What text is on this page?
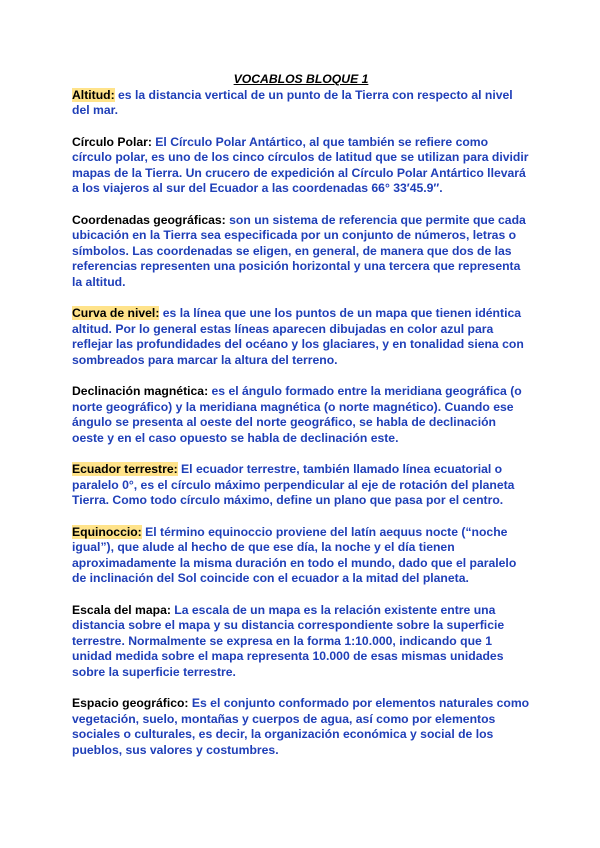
VOCABLOS BLOQUE 1

Altitud: es la distancia vertical de un punto de la Tierra con respecto al nivel del mar.

Círculo Polar: El Círculo Polar Antártico, al que también se refiere como círculo polar, es uno de los cinco círculos de latitud que se utilizan para dividir mapas de la Tierra. Un crucero de expedición al Círculo Polar Antártico llevará a los viajeros al sur del Ecuador a las coordenadas 66° 33′45.9″.

Coordenadas geográficas: son un sistema de referencia que permite que cada ubicación en la Tierra sea especificada por un conjunto de números, letras o símbolos. Las coordenadas se eligen, en general, de manera que dos de las referencias representen una posición horizontal y una tercera que representa la altitud.

Curva de nivel: es la línea que une los puntos de un mapa que tienen idéntica altitud. Por lo general estas líneas aparecen dibujadas en color azul para reflejar las profundidades del océano y los glaciares, y en tonalidad siena con sombreados para marcar la altura del terreno.

Declinación magnética: es el ángulo formado entre la meridiana geográfica (o norte geográfico) y la meridiana magnética (o norte magnético). Cuando ese ángulo se presenta al oeste del norte geográfico, se habla de declinación oeste y en el caso opuesto se habla de declinación este.

Ecuador terrestre: El ecuador terrestre, también llamado línea ecuatorial o paralelo 0°, es el círculo máximo perpendicular al eje de rotación del planeta Tierra. Como todo círculo máximo, define un plano que pasa por el centro.

Equinoccio: El término equinoccio proviene del latín aequus nocte (“noche igual”), que alude al hecho de que ese día, la noche y el día tienen aproximadamente la misma duración en todo el mundo, dado que el paralelo de inclinación del Sol coincide con el ecuador a la mitad del planeta.

Escala del mapa: La escala de un mapa es la relación existente entre una distancia sobre el mapa y su distancia correspondiente sobre la superficie terrestre. Normalmente se expresa en la forma 1:10.000, indicando que 1 unidad medida sobre el mapa representa 10.000 de esas mismas unidades sobre la superficie terrestre.

Espacio geográfico: Es el conjunto conformado por elementos naturales como vegetación, suelo, montañas y cuerpos de agua, así como por elementos sociales o culturales, es decir, la organización económica y social de los pueblos, sus valores y costumbres.
